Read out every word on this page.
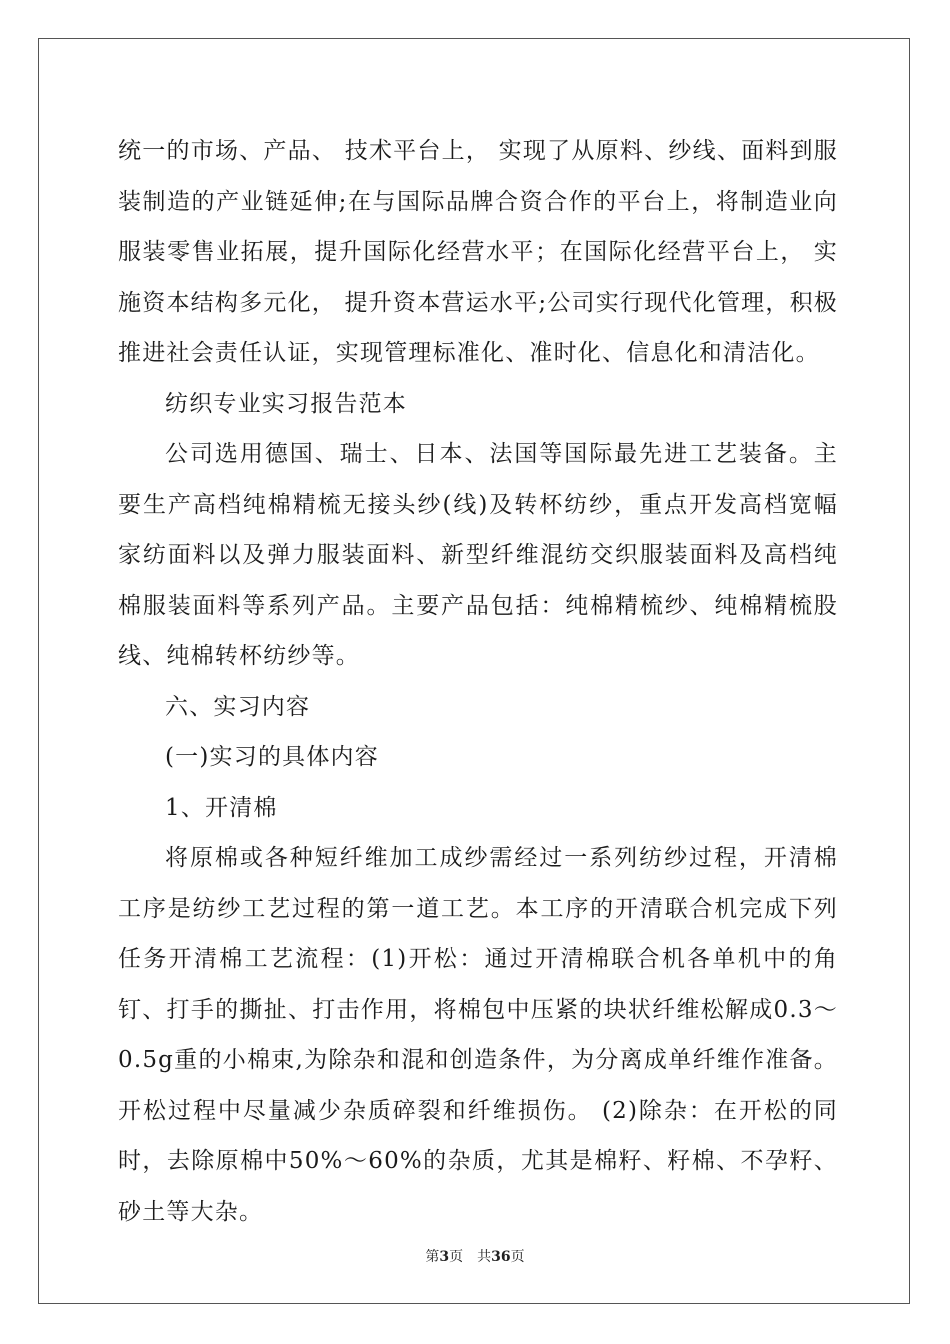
统一的市场、产品、 技术平台上， 实现了从原料、纱线、面料到服装制造的产业链延伸;在与国际品牌合资合作的平台上，将制造业向服装零售业拓展，提升国际化经营水平；在国际化经营平台上， 实施资本结构多元化， 提升资本营运水平;公司实行现代化管理，积极推进社会责任认证，实现管理标准化、准时化、信息化和清洁化。

纺织专业实习报告范本

公司选用德国、瑞士、日本、法国等国际最先进工艺装备。主要生产高档纯棉精梳无接头纱(线)及转杯纺纱，重点开发高档宽幅家纺面料以及弹力服装面料、新型纤维混纺交织服装面料及高档纯棉服装面料等系列产品。主要产品包括：纯棉精梳纱、纯棉精梳股线、纯棉转杯纺纱等。

六、实习内容

(一)实习的具体内容

1、开清棉

将原棉或各种短纤维加工成纱需经过一系列纺纱过程，开清棉工序是纺纱工艺过程的第一道工艺。本工序的开清联合机完成下列任务开清棉工艺流程：(1)开松：通过开清棉联合机各单机中的角钉、打手的撕扯、打击作用，将棉包中压紧的块状纤维松解成0.3～0.5g重的小棉束,为除杂和混和创造条件，为分离成单纤维作准备。开松过程中尽量减少杂质碎裂和纤维损伤。 (2)除杂：在开松的同时，去除原棉中50%～60%的杂质，尤其是棉籽、籽棉、不孕籽、砂土等大杂。

第3页 共36页
